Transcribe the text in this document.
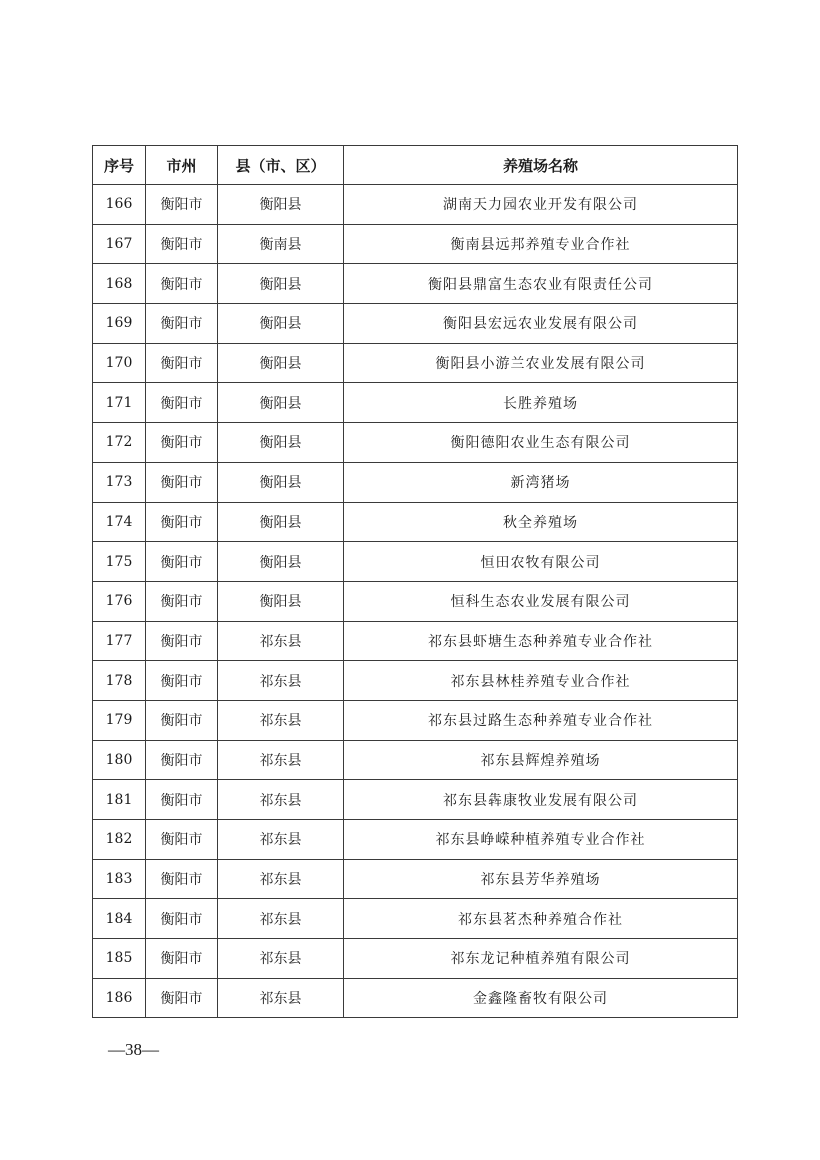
序号	市州	县（市、区）	养殖场名称
166	衡阳市	衡阳县	湖南天力园农业开发有限公司
167	衡阳市	衡南县	衡南县远邦养殖专业合作社
168	衡阳市	衡阳县	衡阳县鼎富生态农业有限责任公司
169	衡阳市	衡阳县	衡阳县宏远农业发展有限公司
170	衡阳市	衡阳县	衡阳县小游兰农业发展有限公司
171	衡阳市	衡阳县	长胜养殖场
172	衡阳市	衡阳县	衡阳德阳农业生态有限公司
173	衡阳市	衡阳县	新湾猪场
174	衡阳市	衡阳县	秋全养殖场
175	衡阳市	衡阳县	恒田农牧有限公司
176	衡阳市	衡阳县	恒科生态农业发展有限公司
177	衡阳市	祁东县	祁东县虾塘生态种养殖专业合作社
178	衡阳市	祁东县	祁东县林桂养殖专业合作社
179	衡阳市	祁东县	祁东县过路生态种养殖专业合作社
180	衡阳市	祁东县	祁东县辉煌养殖场
181	衡阳市	祁东县	祁东县犇康牧业发展有限公司
182	衡阳市	祁东县	祁东县峥嵘种植养殖专业合作社
183	衡阳市	祁东县	祁东县芳华养殖场
184	衡阳市	祁东县	祁东县茗杰种养殖合作社
185	衡阳市	祁东县	祁东龙记种植养殖有限公司
186	衡阳市	祁东县	金鑫隆畜牧有限公司
—38—
